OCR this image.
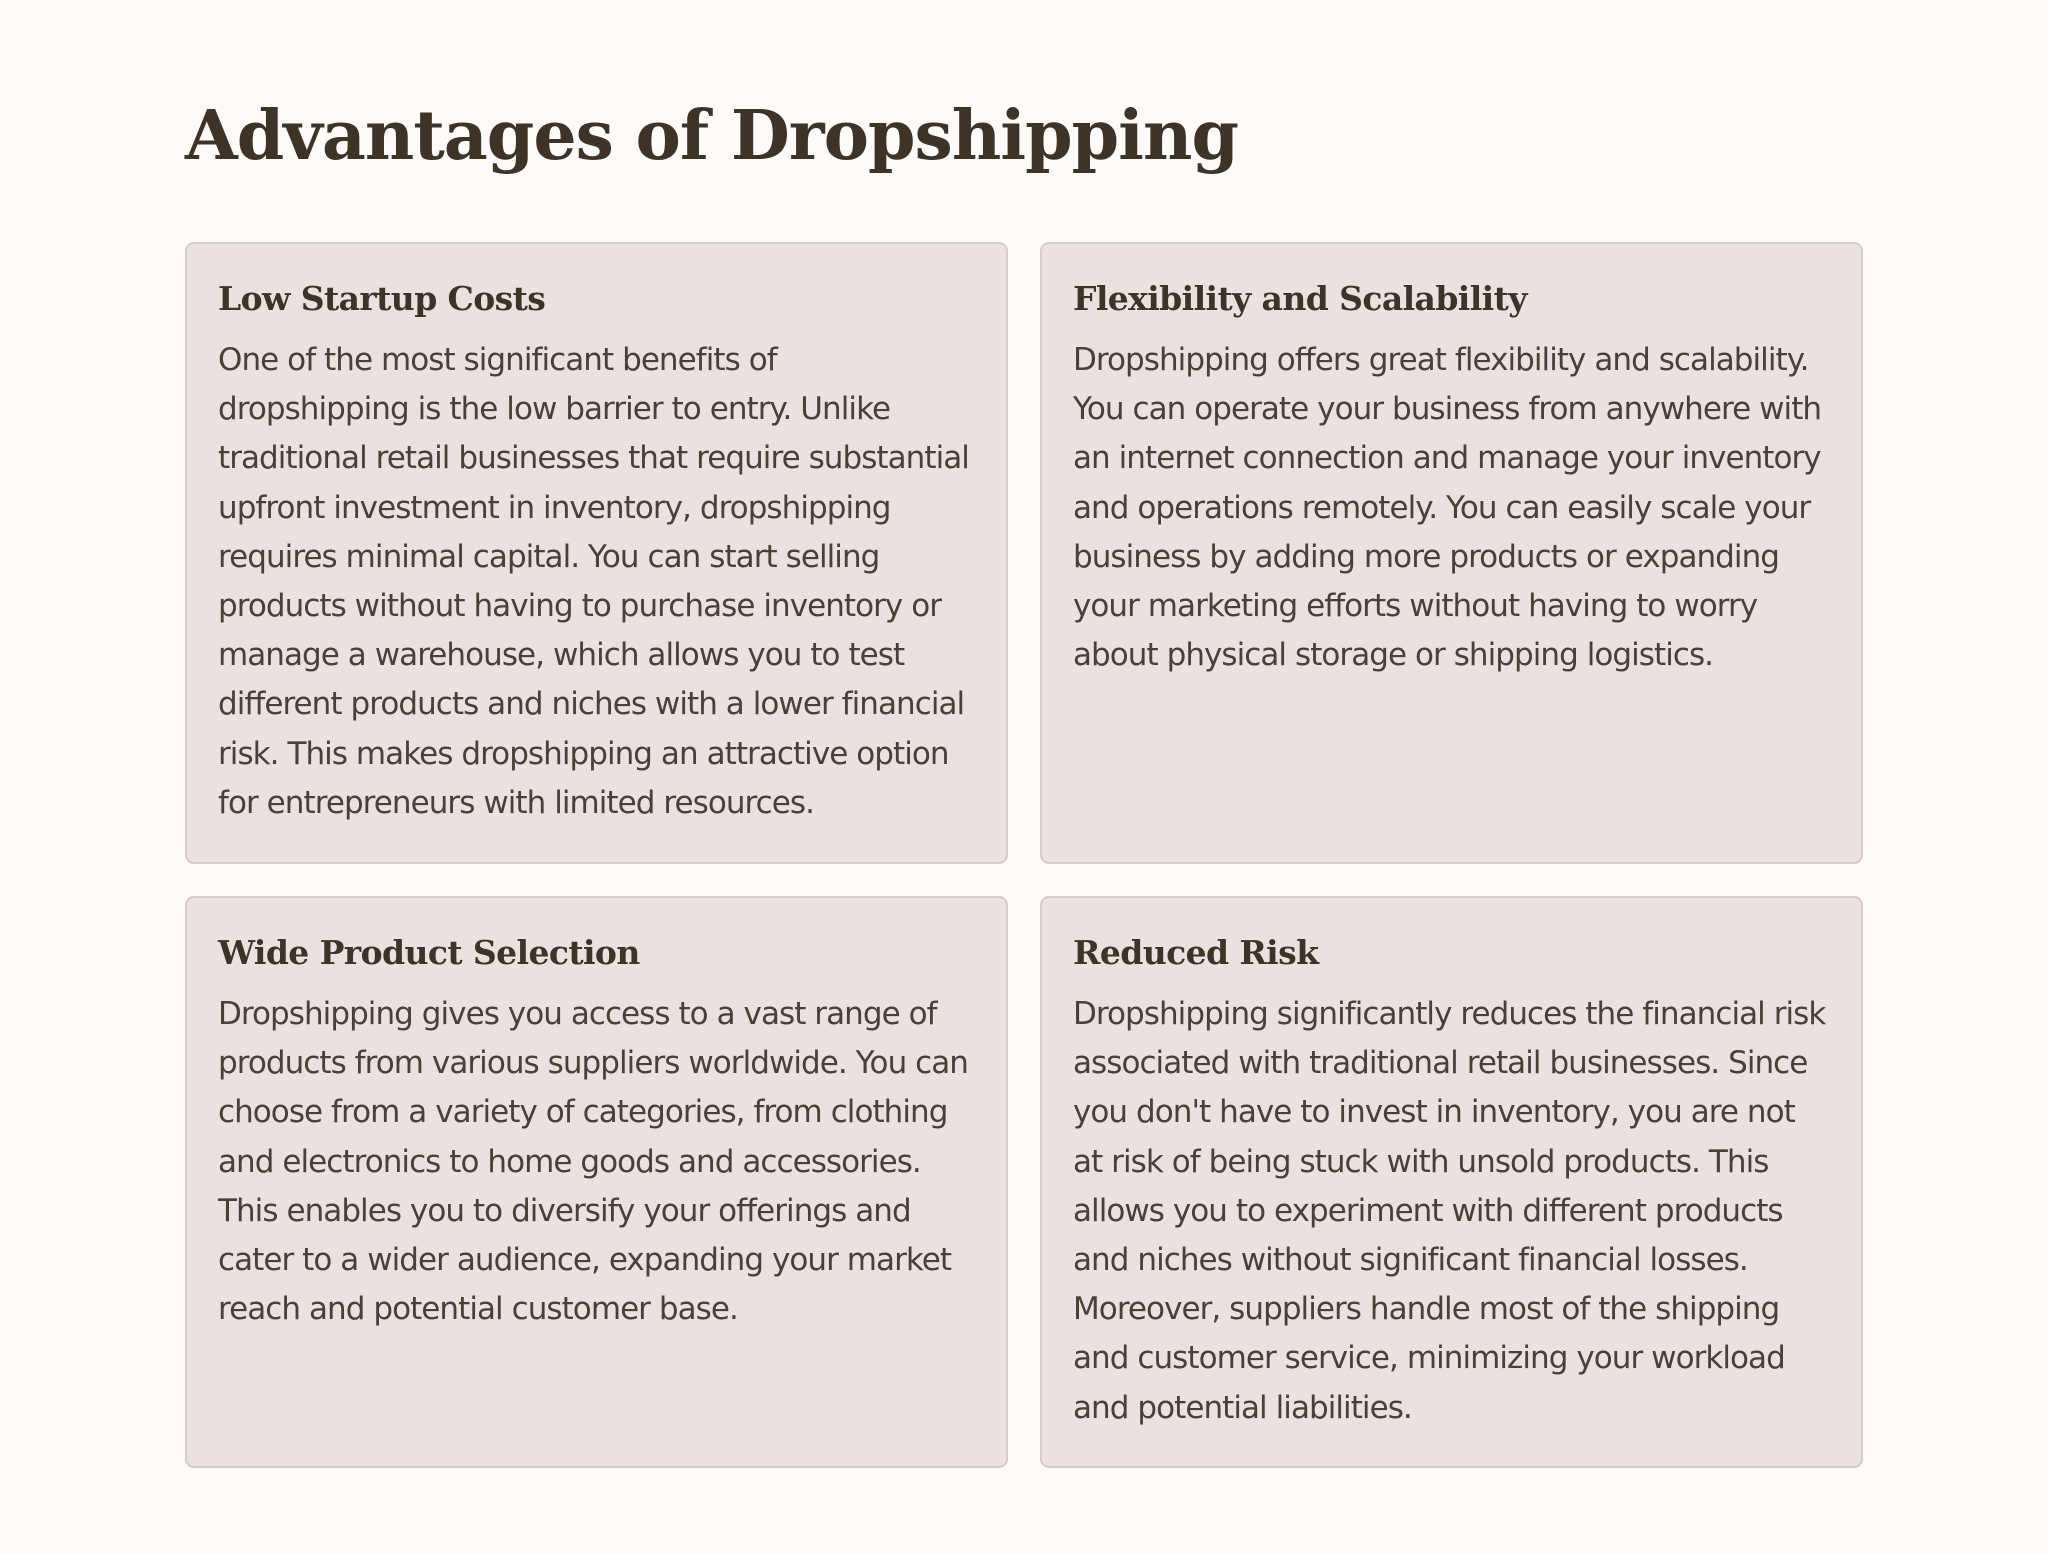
Advantages of Dropshipping
Low Startup Costs

One of the most significant benefits of dropshipping is the low barrier to entry. Unlike traditional retail businesses that require substantial upfront investment in inventory, dropshipping requires minimal capital. You can start selling products without having to purchase inventory or manage a warehouse, which allows you to test different products and niches with a lower financial risk. This makes dropshipping an attractive option for entrepreneurs with limited resources.

Flexibility and Scalability

Dropshipping offers great flexibility and scalability. You can operate your business from anywhere with an internet connection and manage your inventory and operations remotely. You can easily scale your business by adding more products or expanding your marketing efforts without having to worry about physical storage or shipping logistics.

Wide Product Selection

Dropshipping gives you access to a vast range of products from various suppliers worldwide. You can choose from a variety of categories, from clothing and electronics to home goods and accessories. This enables you to diversify your offerings and cater to a wider audience, expanding your market reach and potential customer base.

Reduced Risk

Dropshipping significantly reduces the financial risk associated with traditional retail businesses. Since you don't have to invest in inventory, you are not at risk of being stuck with unsold products. This allows you to experiment with different products and niches without significant financial losses. Moreover, suppliers handle most of the shipping and customer service, minimizing your workload and potential liabilities.
